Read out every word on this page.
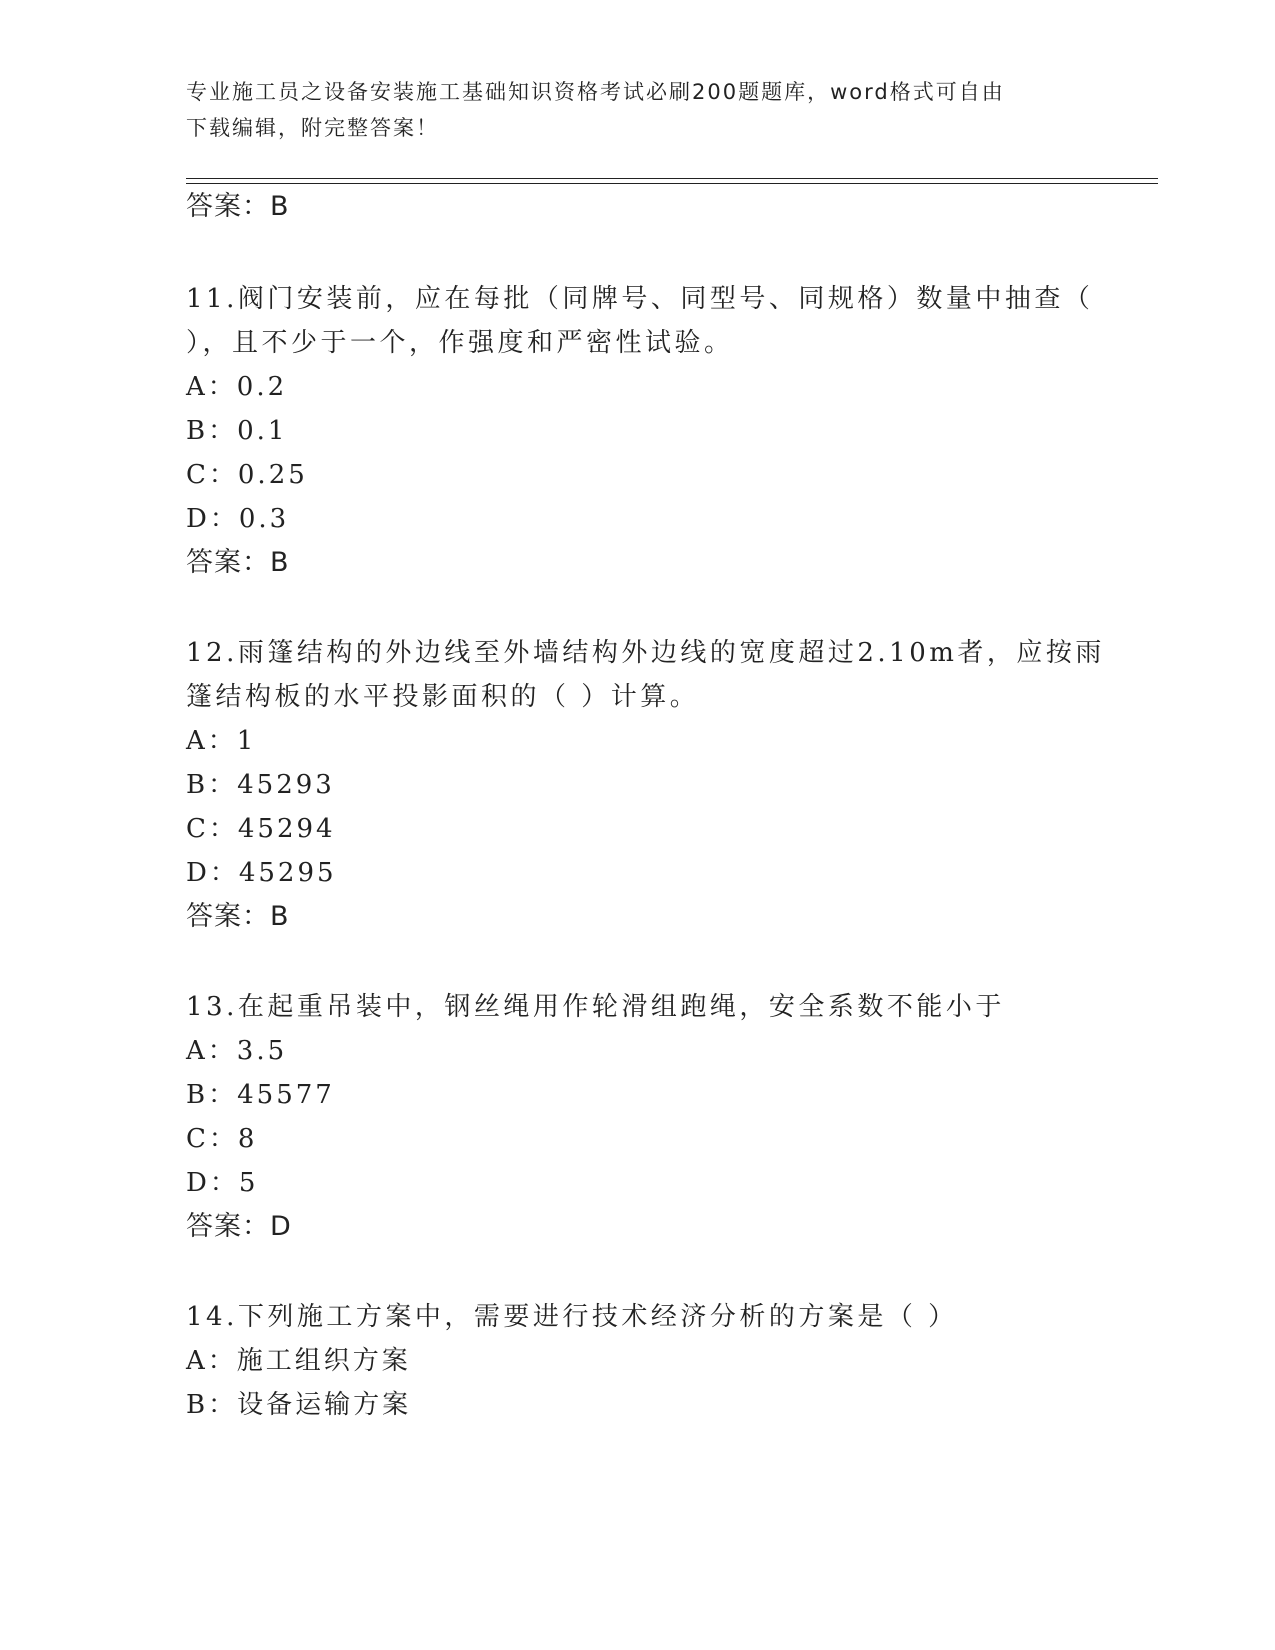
专业施工员之设备安装施工基础知识资格考试必刷200题题库，word格式可自由
下载编辑，附完整答案！
答案：B
11.阀门安装前，应在每批（同牌号、同型号、同规格）数量中抽查（
），且不少于一个，作强度和严密性试验。
A：0.2
B：0.1
C：0.25
D：0.3
答案：B
12.雨篷结构的外边线至外墙结构外边线的宽度超过2.10m者，应按雨
篷结构板的水平投影面积的（ ）计算。
A：1
B：45293
C：45294
D：45295
答案：B
13.在起重吊装中，钢丝绳用作轮滑组跑绳，安全系数不能小于
A：3.5
B：45577
C：8
D：5
答案：D
14.下列施工方案中，需要进行技术经济分析的方案是（ ）
A：施工组织方案
B：设备运输方案
